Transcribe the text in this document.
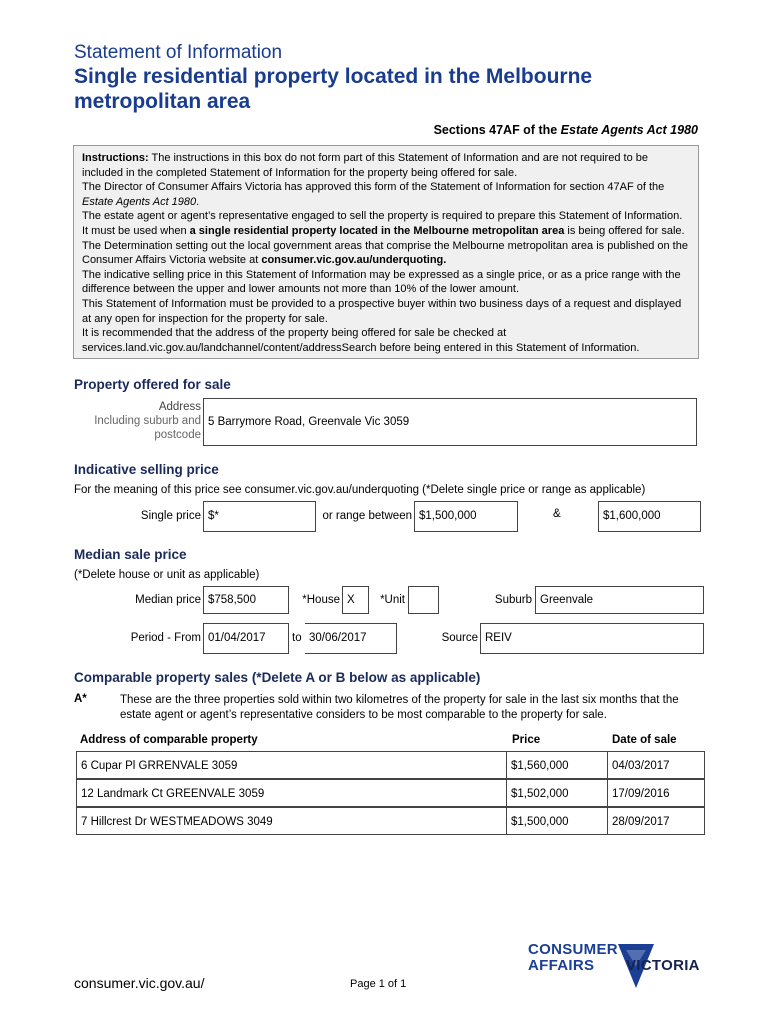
Statement of Information
Single residential property located in the Melbourne metropolitan area
Sections 47AF of the Estate Agents Act 1980

Instructions: The instructions in this box do not form part of this Statement of Information and are not required to be included in the completed Statement of Information for the property being offered for sale.

The Director of Consumer Affairs Victoria has approved this form of the Statement of Information for section 47AF of the Estate Agents Act 1980.

The estate agent or agent’s representative engaged to sell the property is required to prepare this Statement of Information. It must be used when a single residential property located in the Melbourne metropolitan area is being offered for sale. The Determination setting out the local government areas that comprise the Melbourne metropolitan area is published on the Consumer Affairs Victoria website at consumer.vic.gov.au/underquoting.

The indicative selling price in this Statement of Information may be expressed as a single price, or as a price range with the difference between the upper and lower amounts not more than 10% of the lower amount.

This Statement of Information must be provided to a prospective buyer within two business days of a request and displayed at any open for inspection for the property for sale.

It is recommended that the address of the property being offered for sale be checked at services.land.vic.gov.au/landchannel/content/addressSearch before being entered in this Statement of Information.

Property offered for sale
Address
Including suburb and
postcode
5 Barrymore Road, Greenvale Vic 3059
Indicative selling price
For the meaning of this price see consumer.vic.gov.au/underquoting (*Delete single price or range as applicable)
Single price $*	or range between $1,500,000	&	$1,600,000
Median sale price
(*Delete house or unit as applicable)
Median price $758,500	*House X	*Unit	Suburb Greenvale
Period - From 01/04/2017	to 30/06/2017	Source REIV
Comparable property sales (*Delete A or B below as applicable)
A*	These are the three properties sold within two kilometres of the property for sale in the last six months that the estate agent or agent’s representative considers to be most comparable to the property for sale.
Address of comparable property	Price	Date of sale
6 Cupar Pl GRRENVALE 3059	$1,560,000	04/03/2017
12 Landmark Ct GREENVALE 3059	$1,502,000	17/09/2016
7 Hillcrest Dr WESTMEADOWS 3049	$1,500,000	28/09/2017
consumer.vic.gov.au/	Page 1 of 1
CONSUMER
AFFAIRS VICTORIA
